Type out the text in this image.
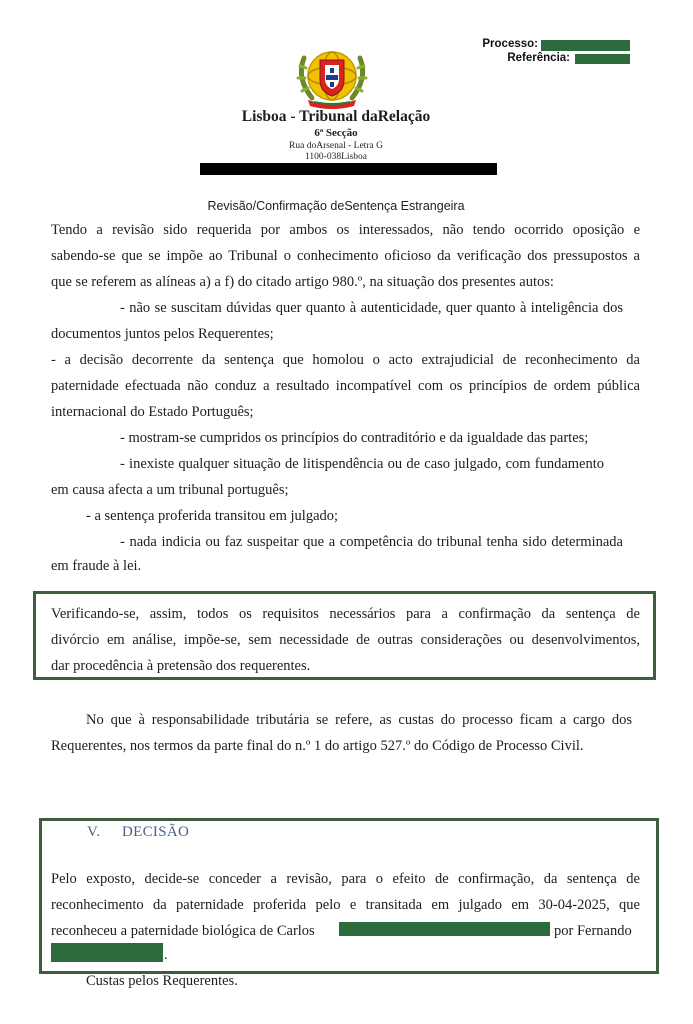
Processo:
Referência:
Lisboa - Tribunal daRelação
6ª Secção
Rua doArsenal - Letra G
1100-038Lisboa
Revisão/Confirmação deSentença Estrangeira
Tendo a revisão sido requerida por ambos os interessados, não tendo ocorrido oposição e
sabendo-se que se impõe ao Tribunal o conhecimento oficioso da verificação dos pressupostos a
que se referem as alíneas a) a f) do citado artigo 980.º, na situação dos presentes autos:
- não se suscitam dúvidas quer quanto à autenticidade, quer quanto à inteligência dos
documentos juntos pelos Requerentes;
- a decisão decorrente da sentença que homolou o acto extrajudicial de reconhecimento da
paternidade efectuada não conduz a resultado incompatível com os princípios de ordem pública
internacional do Estado Português;
- mostram-se cumpridos os princípios do contraditório e da igualdade das partes;
- inexiste qualquer situação de litispendência ou de caso julgado, com fundamento
em causa afecta a um tribunal português;
- a sentença proferida transitou em julgado;
- nada indicia ou faz suspeitar que a competência do tribunal tenha sido determinada
em fraude à lei.
Verificando-se, assim, todos os requisitos necessários para a confirmação da sentença de
divórcio em análise, impõe-se, sem necessidade de outras considerações ou desenvolvimentos,
dar procedência à pretensão dos requerentes.
No que à responsabilidade tributária se refere, as custas do processo ficam a cargo dos
Requerentes, nos termos da parte final do n.º 1 do artigo 527.º do Código de Processo Civil.
V. DECISÃO
Pelo exposto, decide-se conceder a revisão, para o efeito de confirmação, da sentença de
reconhecimento da paternidade proferida pelo e transitada em julgado em 30-04-2025, que
reconheceu a paternidade biológica de Carlos	por Fernando
.
Custas pelos Requerentes.
